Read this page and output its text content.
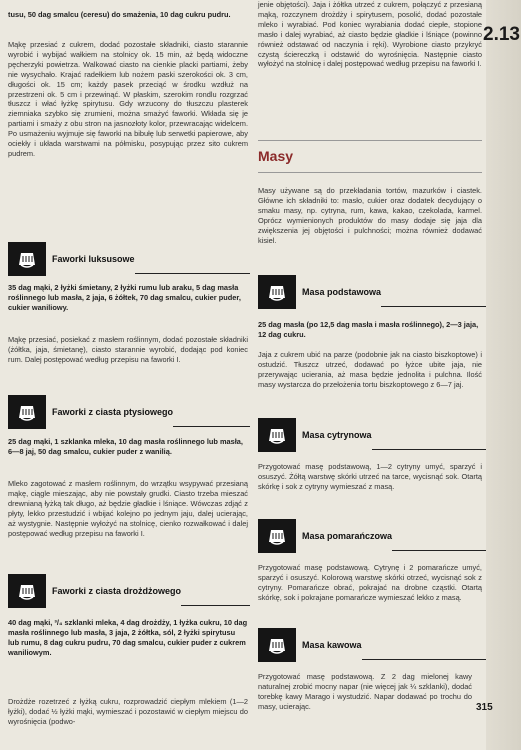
2.13
315
tusu, 50 dag smalcu (ceresu) do smażenia, 10 dag cukru pudru.
Mąkę przesiać z cukrem, dodać pozostałe składniki, ciasto starannie wyrobić i wybijać wałkiem na stolnicy ok. 15 min, aż będą widoczne pęcherzyki powietrza. Walkować ciasto na cienkie placki partiami, żeby nie wysychało. Krajać radełkiem lub nożem paski szerokości ok. 3 cm, długości ok. 15 cm; każdy pasek przeciąć w środku wzdłuż na przestrzeni ok. 5 cm i przewinąć. W płaskim, szerokim rondlu rozgrzać tłuszcz i włać łyżkę spirytusu. Gdy wrzucony do tłuszczu plasterek ziemniaka szybko się zrumieni, można smażyć faworki. Wkłada się je partiami i smaży z obu stron na jasnozłoty kolor, przewracając widelcem. Po usmażeniu wyjmuje się faworki na bibułę lub serwetki papierowe, aby ociekły i układa warstwami na półmisku, posypując przez sito cukrem pudrem.
Faworki luksusowe
35 dag mąki, 2 łyżki śmietany, 2 łyżki rumu lub araku, 5 dag masła roślinnego lub masła, 2 jaja, 6 żółtek, 70 dag smalcu, cukier puder, cukier waniliowy.
Mąkę przesiać, posiekać z masłem roślinnym, dodać pozostałe składniki (żółtka, jaja, śmietanę), ciasto starannie wyrobić, dodając pod koniec rum. Dalej postępować według przepisu na faworki I.
Faworki z ciasta ptysiowego
25 dag mąki, 1 szklanka mleka, 10 dag masła roślinnego lub masła, 6—8 jaj, 50 dag smalcu, cukier puder z wanilią.
Mleko zagotować z masłem roślinnym, do wrzątku wsypywać przesianą mąkę, ciągle mieszając, aby nie powstały grudki. Ciasto trzeba mieszać drewnianą łyżką tak długo, aż będzie gładkie i lśniące. Wówczas zdjąć z płyty, lekko przestudzić i wbijać kolejno po jednym jaju, dalej ucierając, aż wystygnie. Następnie wyłożyć na stolnicę, cienko rozwałkować i dalej postępować według przepisu na faworki I.
Faworki z ciasta drożdżowego
40 dag mąki, ³/₄ szklanki mleka, 4 dag drożdży, 1 łyżka cukru, 10 dag masła roślinnego lub masła, 3 jaja, 2 żółtka, sól, 2 łyżki spirytusu lub rumu, 8 dag cukru pudru, 70 dag smalcu, cukier puder z cukrem waniliowym.
Drożdże rozetrzeć z łyżką cukru, rozprowadzić ciepłym mlekiem (1—2 łyżki), dodać ½ łyżki mąki, wymieszać i pozostawić w ciepłym miejscu do wyrośnięcia (podwo-
jenie objętości). Jaja i żółtka utrzeć z cukrem, połączyć z przesianą mąką, rozczynem drożdży i spirytusem, posolić, dodać pozostałe mleko i wyrabiać. Pod koniec wyrabiania dodać ciepłe, stopione masło i dalej wyrabiać, aż ciasto będzie gładkie i lśniące (powinno również odstawać od naczynia i ręki). Wyrobione ciasto przykryć czystą ściereczką i odstawić do wyrośnięcia. Następnie ciasto wyłożyć na stolnicę i dalej postępować według przepisu na faworki I.
Masy
Masy używane są do przekładania tortów, mazurków i ciastek. Główne ich składniki to: masło, cukier oraz dodatek decydujący o smaku masy, np. cytryna, rum, kawa, kakao, czekolada, karmel. Oprócz wymienionych produktów do masy dodaje się jaja dla zwiększenia jej objętości i pulchności; można również dodawać kisiel.
Masa podstawowa
25 dag masła (po 12,5 dag masła i masła roślinnego), 2—3 jaja, 12 dag cukru.
Jaja z cukrem ubić na parze (podobnie jak na ciasto biszkoptowe) i ostudzić. Tłuszcz utrzeć, dodawać po łyżce ubite jaja, nie przerywając ucierania, aż masa będzie jednolita i pulchna. Ilość masy wystarcza do przełożenia tortu biszkoptowego z 6—7 jaj.
Masa cytrynowa
Przygotować masę podstawową, 1—2 cytryny umyć, sparzyć i osuszyć. Żółtą warstwę skórki utrzeć na tarce, wycisnąć sok. Otartą skórkę i sok z cytryny wymieszać z masą.
Masa pomarańczowa
Przygotować masę podstawową. Cytrynę i 2 pomarańcze umyć, sparzyć i osuszyć. Kolorową warstwę skórki otrzeć, wycisnąć sok z cytryny. Pomarańcze obrać, pokrajać na drobne cząstki. Otartą skórkę, sok i pokrajane pomarańcze wymieszać lekko z masą.
Masa kawowa
Przygotować masę podstawową. Z 2 dag mielonej kawy naturalnej zrobić mocny napar (nie więcej jak ¼ szklanki), dodać torebkę kawy Marago i wystudzić. Napar dodawać po trochu do masy, ucierając.
